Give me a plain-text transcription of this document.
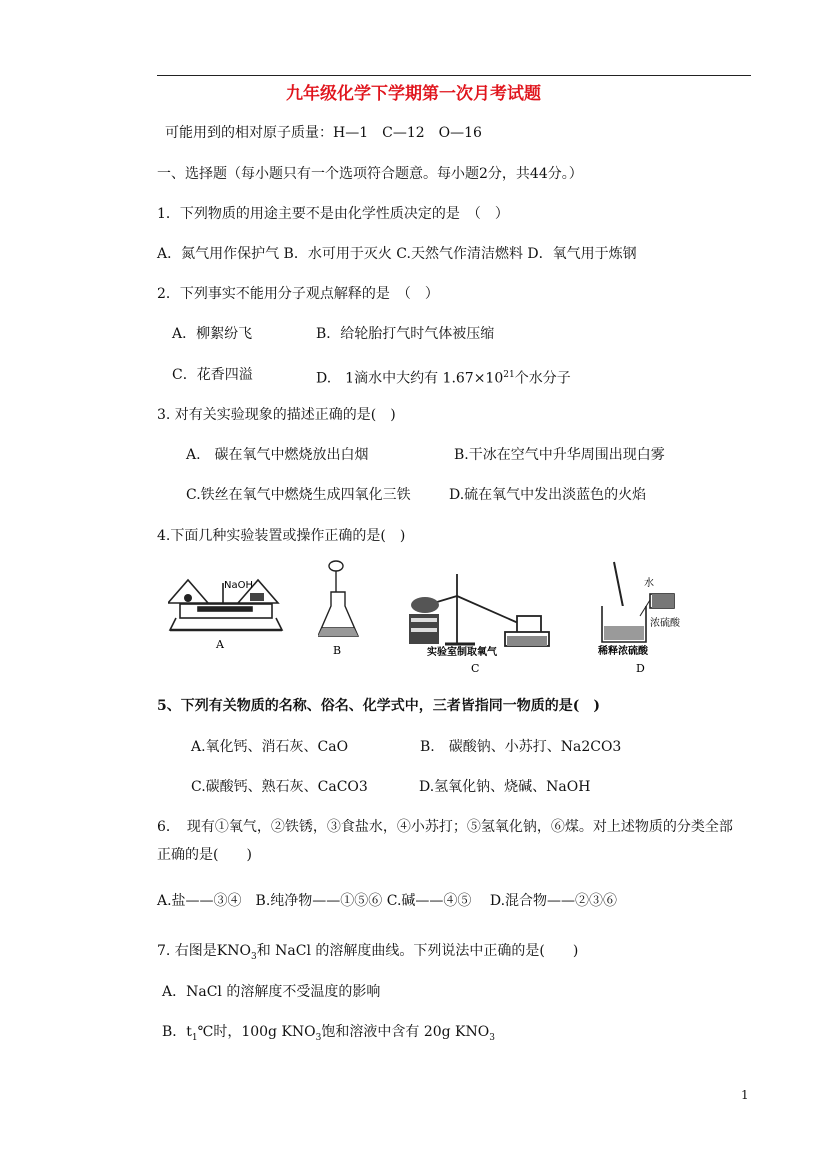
九年级化学下学期第一次月考试题
可能用到的相对原子质量：H—1　C—12　O—16
一、选择题（每小题只有一个选项符合题意。每小题2分，共44分。）
1．下列物质的用途主要不是由化学性质决定的是　（　）
A．氮气用作保护气 B．水可用于灭火 C.天然气作清洁燃料 D．氧气用于炼钢
2．下列事实不能用分子观点解释的是　（　）
A．柳絮纷飞	B．给轮胎打气时气体被压缩
C．花香四溢	D.　1滴水中大约有 $1.67\times 10^{21}$个水分子
3. 对有关实验现象的描述正确的是(　)
A.　碳在氧气中燃烧放出白烟	B.干冰在空气中升华周围出现白雾
C.铁丝在氧气中燃烧生成四氧化三铁	D.硫在氧气中发出淡蓝色的火焰
4.下面几种实验装置或操作正确的是(　)
NaOH
A	B	实验室制取氧气
C
水
浓硫酸
稀释浓硫酸
D
5、下列有关物质的名称、俗名、化学式中，三者皆指同一物质的是(　)
A.氧化钙、消石灰、CaO	B.　碳酸钠、小苏打、Na2CO3
C.碳酸钙、熟石灰、CaCO3	D.氢氧化钠、烧碱、NaOH
6．　现有①氧气，②铁锈，③食盐水，④小苏打；⑤氢氧化钠，⑥煤。对上述物质的分类全部
正确的是(　　)
A.盐——③④　B.纯净物——①⑤⑥ C.碱——④⑤　 D.混合物——②③⑥
7. 右图是$KNO_3$和 NaCl 的溶解度曲线。下列说法中正确的是(　　)
A．NaCl 的溶解度不受温度的影响
B．$t_1℃$时，100g $KNO_3$饱和溶液中含有 20g $KNO_3$
1
